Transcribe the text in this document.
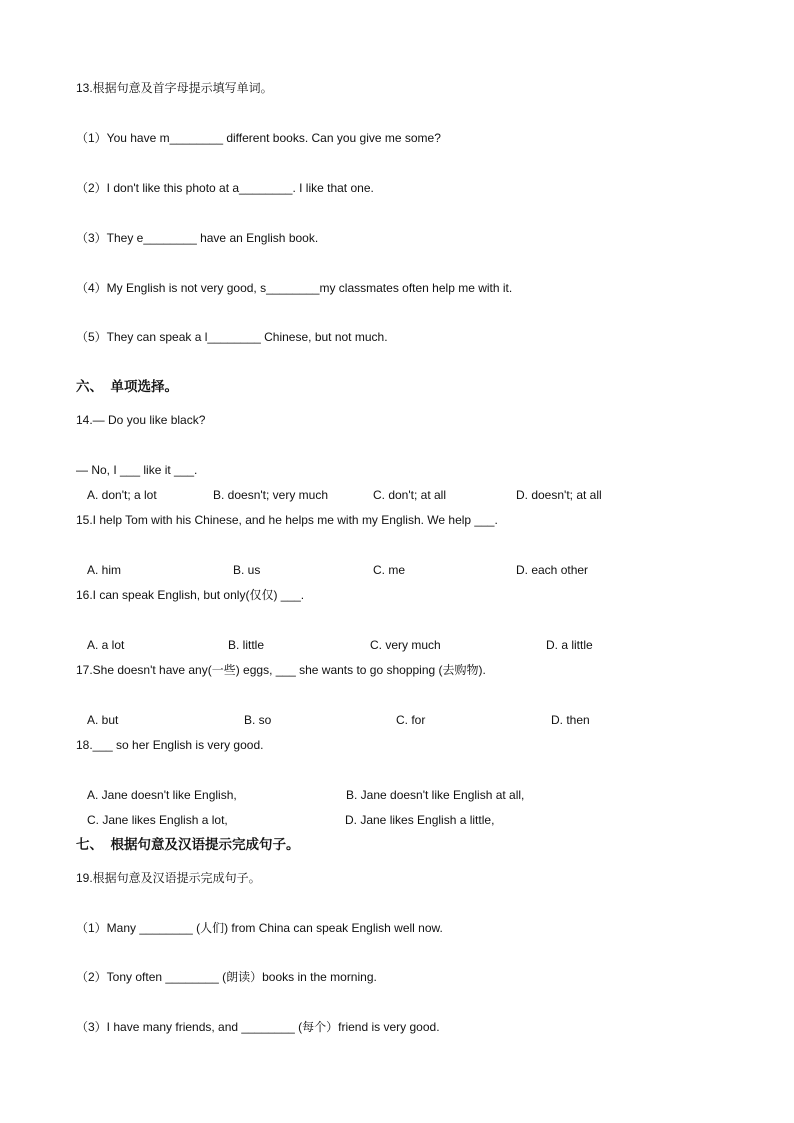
13.根据句意及首字母提示填写单词。
（1）You have m________ different books. Can you give me some?
（2）I don't like this photo at a________. I like that one.
（3）They e________ have an English book.
（4）My English is not very good, s________my classmates often help me with it.
（5）They can speak a l________ Chinese, but not much.
六、  单项选择。
14.— Do you like black?
— No, I ___ like it ___.
A. don't; a lot	B. doesn't; very much	C. don't; at all	D. doesn't; at all
15.I help Tom with his Chinese, and he helps me with my English. We help ___.
A. him	B. us	C. me	D. each other
16.I can speak English, but only(仅仅) ___.
A. a lot	B. little	C. very much	D. a little
17.She doesn't have any(一些) eggs, ___ she wants to go shopping (去购物).
A. but	B. so	C. for	D. then
18.___ so her English is very good.
A. Jane doesn't like English,	B. Jane doesn't like English at all,
C. Jane likes English a lot,	D. Jane likes English a little,
七、  根据句意及汉语提示完成句子。
19.根据句意及汉语提示完成句子。
（1）Many ________ (人们) from China can speak English well now.
（2）Tony often ________ (朗读）books in the morning.
（3）I have many friends, and ________ (每个）friend is very good.
